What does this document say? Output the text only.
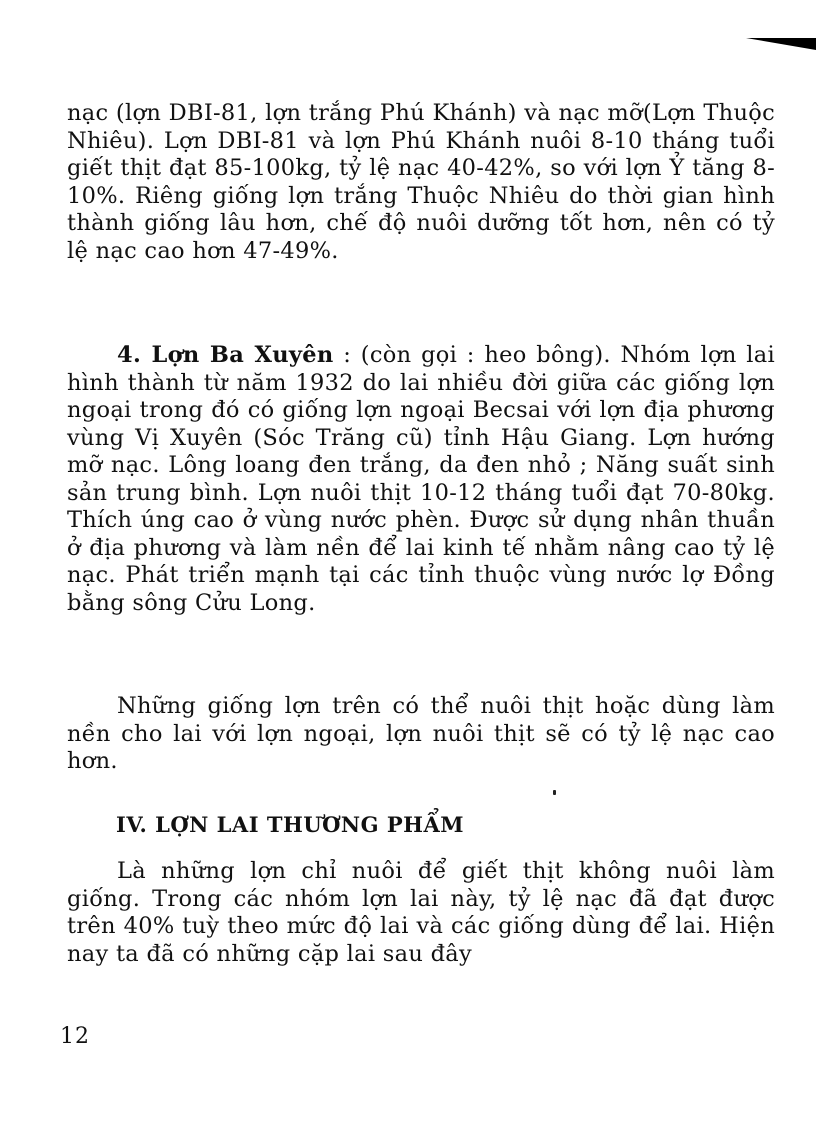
nạc (lợn DBI-81, lợn trắng Phú Khánh) và nạc mỡ(Lợn Thuộc Nhiêu). Lợn DBI-81 và lợn Phú Khánh nuôi 8-10 tháng tuổi giết thịt đạt 85-100kg, tỷ lệ nạc 40-42%, so với lợn Ỷ tăng 8-10%. Riêng giống lợn trắng Thuộc Nhiêu do thời gian hình thành giống lâu hơn, chế độ nuôi dưỡng tốt hơn, nên có tỷ lệ nạc cao hơn 47-49%.

4. Lợn Ba Xuyên : (còn gọi : heo bông). Nhóm lợn lai hình thành từ năm 1932 do lai nhiều đời giữa các giống lợn ngoại trong đó có giống lợn ngoại Becsai với lợn địa phương vùng Vị Xuyên (Sóc Trăng cũ) tỉnh Hậu Giang. Lợn hướng mỡ nạc. Lông loang đen trắng, da đen nhỏ ; Năng suất sinh sản trung bình. Lợn nuôi thịt 10-12 tháng tuổi đạt 70-80kg. Thích úng cao ở vùng nước phèn. Được sử dụng nhân thuần ở địa phương và làm nền để lai kinh tế nhằm nâng cao tỷ lệ nạc. Phát triển mạnh tại các tỉnh thuộc vùng nước lợ Đồng bằng sông Cửu Long.

Những giống lợn trên có thể nuôi thịt hoặc dùng làm nền cho lai với lợn ngoại, lợn nuôi thịt sẽ có tỷ lệ nạc cao hơn.

IV. LỢN LAI THƯƠNG PHẨM

Là những lợn chỉ nuôi để giết thịt không nuôi làm giống. Trong các nhóm lợn lai này, tỷ lệ nạc đã đạt được trên 40% tuỳ theo mức độ lai và các giống dùng để lai. Hiện nay ta đã có những cặp lai sau đây

12
